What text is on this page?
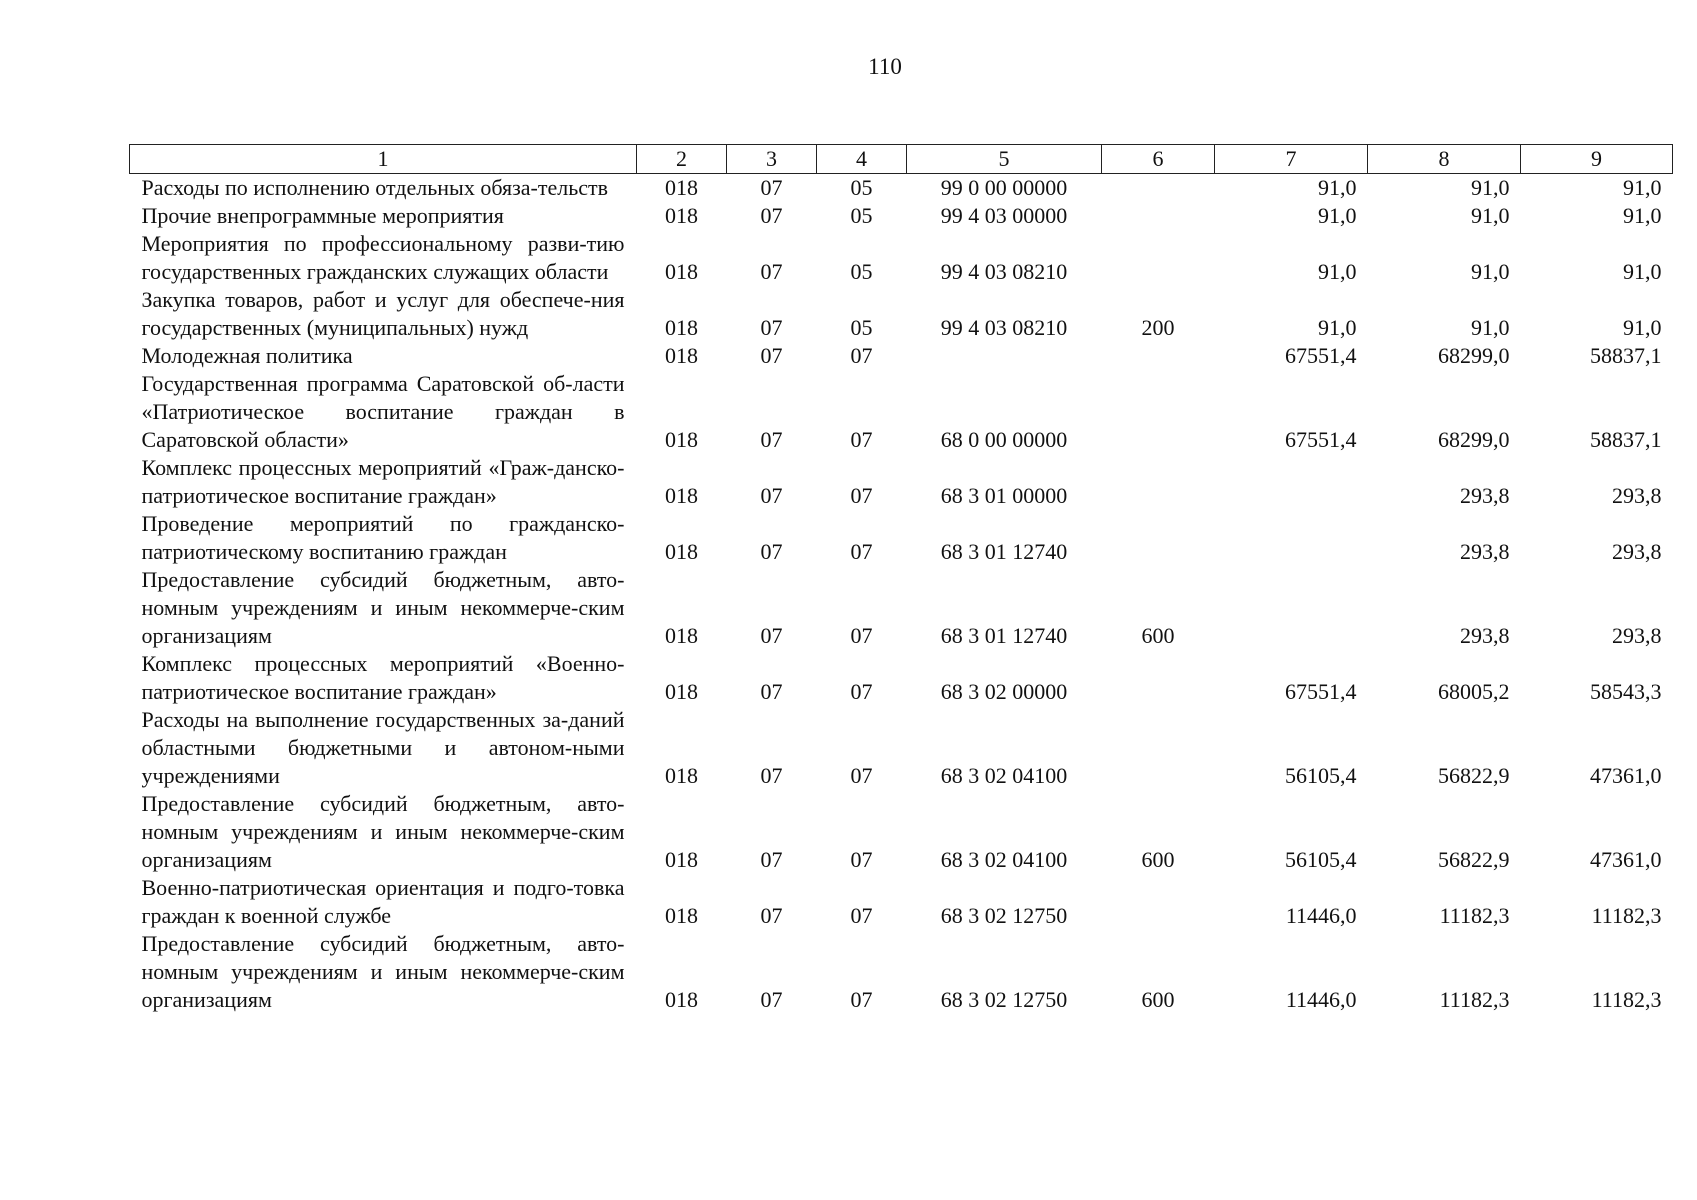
110
1	2	3	4	5	6	7	8	9
Расходы по исполнению отдельных обяза-тельств	018	07	05	99 0 00 00000		91,0	91,0	91,0
Прочие внепрограммные мероприятия	018	07	05	99 4 03 00000		91,0	91,0	91,0
Мероприятия по профессиональному разви-тию государственных гражданских служащих области	018	07	05	99 4 03 08210		91,0	91,0	91,0
Закупка товаров, работ и услуг для обеспече-ния государственных (муниципальных) нужд	018	07	05	99 4 03 08210	200	91,0	91,0	91,0
Молодежная политика	018	07	07			67551,4	68299,0	58837,1
Государственная программа Саратовской об-ласти «Патриотическое воспитание граждан в Саратовской области»	018	07	07	68 0 00 00000		67551,4	68299,0	58837,1
Комплекс процессных мероприятий «Граж-данско-патриотическое воспитание граждан»	018	07	07	68 3 01 00000			293,8	293,8
Проведение мероприятий по гражданско-патриотическому воспитанию граждан	018	07	07	68 3 01 12740			293,8	293,8
Предоставление субсидий бюджетным, авто-номным учреждениям и иным некоммерче-ским организациям	018	07	07	68 3 01 12740	600		293,8	293,8
Комплекс процессных мероприятий «Военно-патриотическое воспитание граждан»	018	07	07	68 3 02 00000		67551,4	68005,2	58543,3
Расходы на выполнение государственных за-даний областными бюджетными и автоном-ными учреждениями	018	07	07	68 3 02 04100		56105,4	56822,9	47361,0
Предоставление субсидий бюджетным, авто-номным учреждениям и иным некоммерче-ским организациям	018	07	07	68 3 02 04100	600	56105,4	56822,9	47361,0
Военно-патриотическая ориентация и подго-товка граждан к военной службе	018	07	07	68 3 02 12750		11446,0	11182,3	11182,3
Предоставление субсидий бюджетным, авто-номным учреждениям и иным некоммерче-ским организациям	018	07	07	68 3 02 12750	600	11446,0	11182,3	11182,3
